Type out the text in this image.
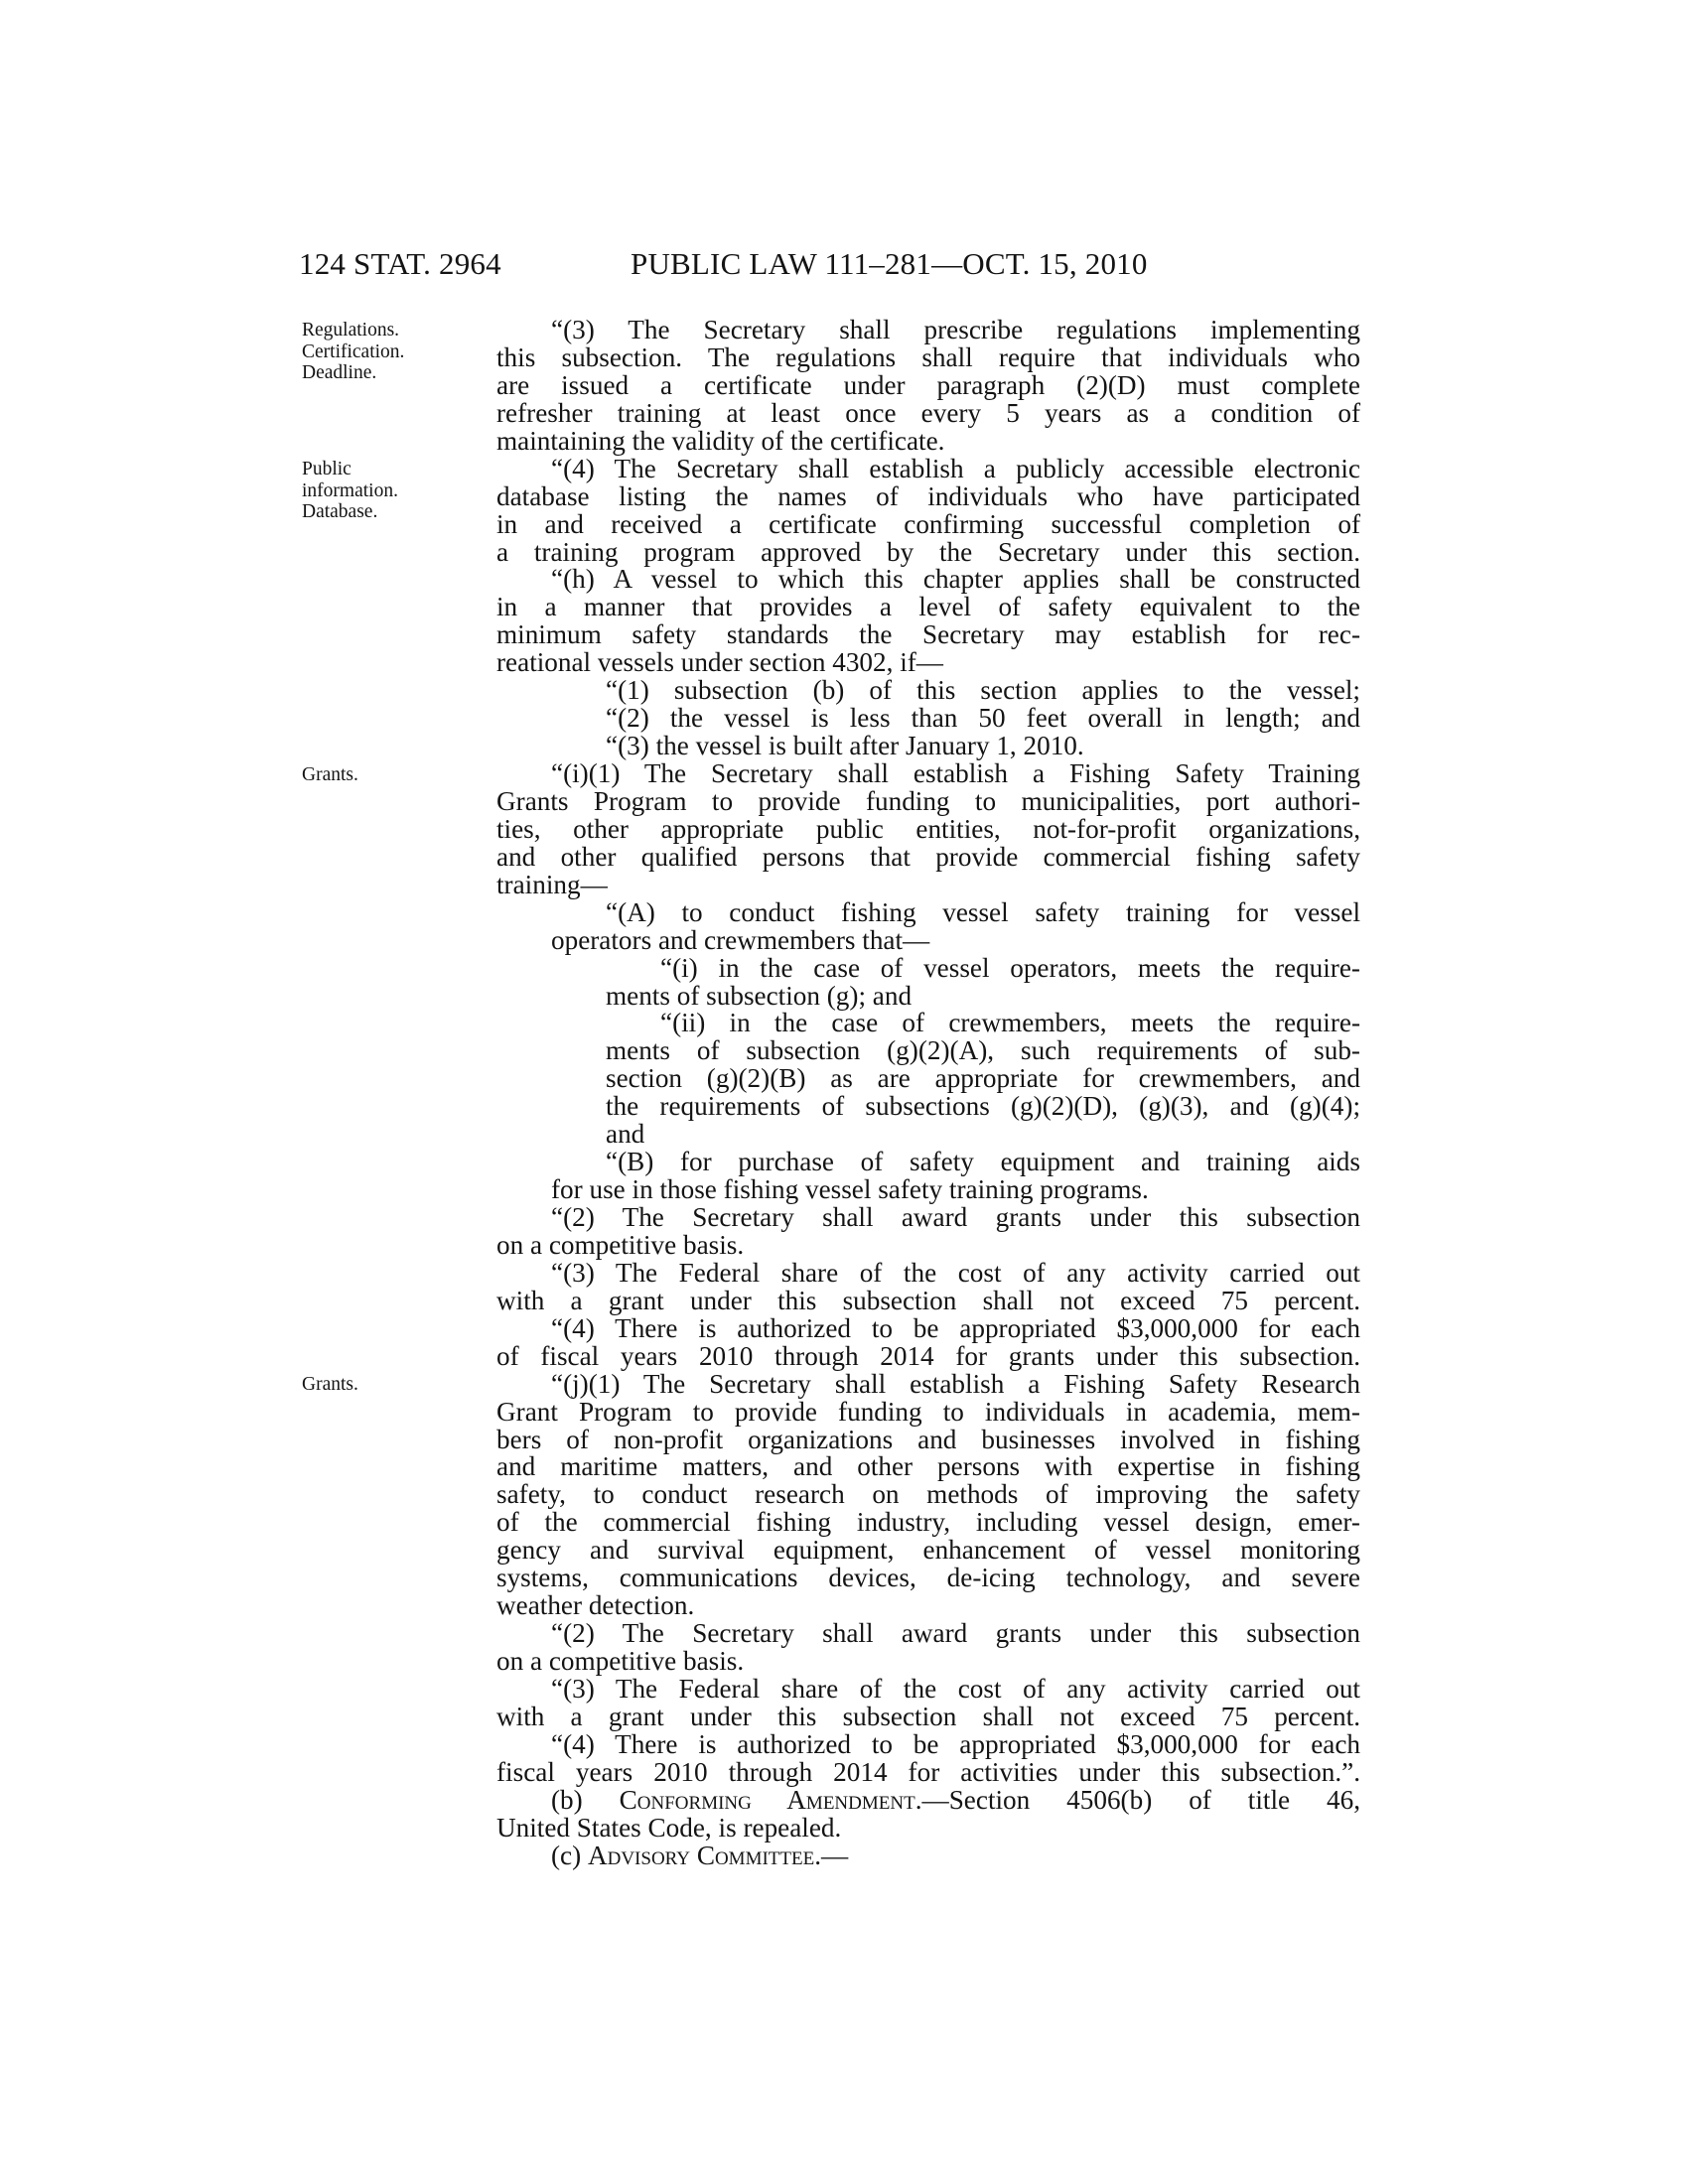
124 STAT. 2964	PUBLIC LAW 111–281—OCT. 15, 2010
Regulations.
Certification.
Deadline.
Public
information.
Database.
Grants.
Grants.
“(3) The Secretary shall prescribe regulations implementing
this subsection. The regulations shall require that individuals who
are issued a certificate under paragraph (2)(D) must complete
refresher training at least once every 5 years as a condition of
maintaining the validity of the certificate.
“(4) The Secretary shall establish a publicly accessible electronic
database listing the names of individuals who have participated
in and received a certificate confirming successful completion of
a training program approved by the Secretary under this section.
“(h) A vessel to which this chapter applies shall be constructed
in a manner that provides a level of safety equivalent to the
minimum safety standards the Secretary may establish for rec-
reational vessels under section 4302, if—
“(1) subsection (b) of this section applies to the vessel;
“(2) the vessel is less than 50 feet overall in length; and
“(3) the vessel is built after January 1, 2010.
“(i)(1) The Secretary shall establish a Fishing Safety Training
Grants Program to provide funding to municipalities, port authori-
ties, other appropriate public entities, not-for-profit organizations,
and other qualified persons that provide commercial fishing safety
training—
“(A) to conduct fishing vessel safety training for vessel
operators and crewmembers that—
“(i) in the case of vessel operators, meets the require-
ments of subsection (g); and
“(ii) in the case of crewmembers, meets the require-
ments of subsection (g)(2)(A), such requirements of sub-
section (g)(2)(B) as are appropriate for crewmembers, and
the requirements of subsections (g)(2)(D), (g)(3), and (g)(4);
and
“(B) for purchase of safety equipment and training aids
for use in those fishing vessel safety training programs.
“(2) The Secretary shall award grants under this subsection
on a competitive basis.
“(3) The Federal share of the cost of any activity carried out
with a grant under this subsection shall not exceed 75 percent.
“(4) There is authorized to be appropriated $3,000,000 for each
of fiscal years 2010 through 2014 for grants under this subsection.
“(j)(1) The Secretary shall establish a Fishing Safety Research
Grant Program to provide funding to individuals in academia, mem-
bers of non-profit organizations and businesses involved in fishing
and maritime matters, and other persons with expertise in fishing
safety, to conduct research on methods of improving the safety
of the commercial fishing industry, including vessel design, emer-
gency and survival equipment, enhancement of vessel monitoring
systems, communications devices, de-icing technology, and severe
weather detection.
“(2) The Secretary shall award grants under this subsection
on a competitive basis.
“(3) The Federal share of the cost of any activity carried out
with a grant under this subsection shall not exceed 75 percent.
“(4) There is authorized to be appropriated $3,000,000 for each
fiscal years 2010 through 2014 for activities under this subsection.”.
(b) Conforming Amendment.—Section 4506(b) of title 46,
United States Code, is repealed.
(c) Advisory Committee.—
